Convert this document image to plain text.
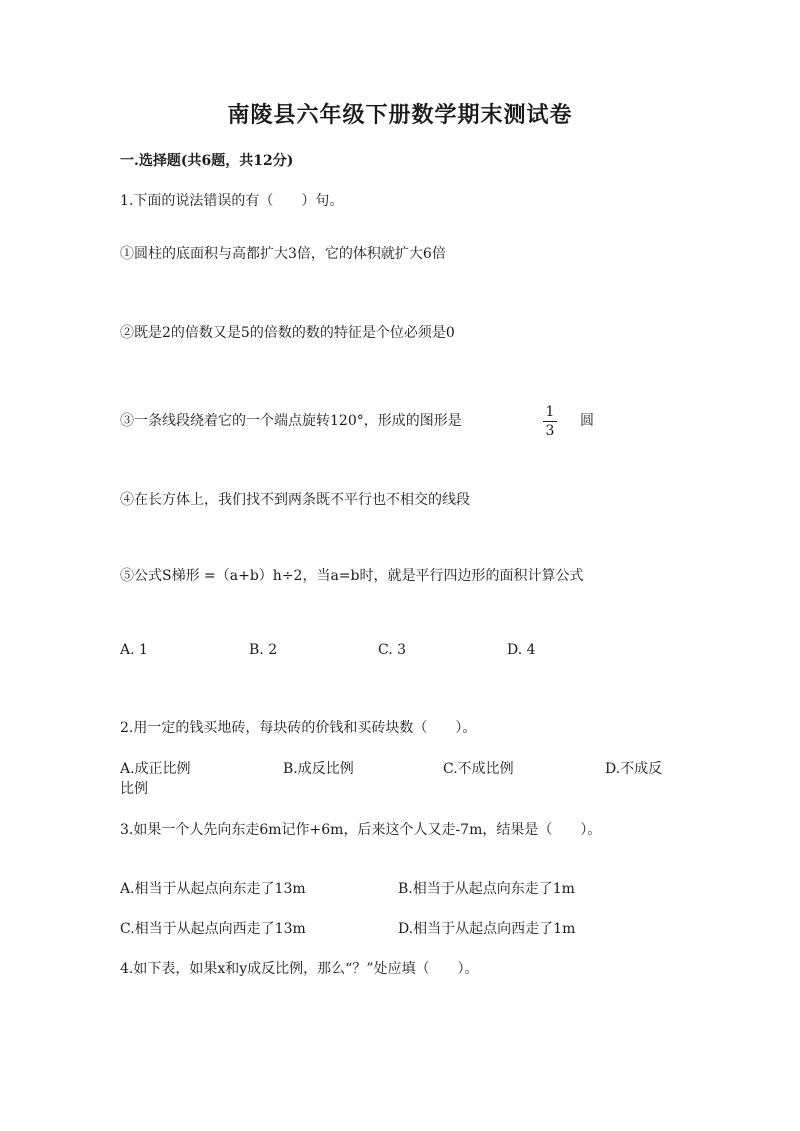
南陵县六年级下册数学期末测试卷
一.选择题(共6题，共12分)
1.下面的说法错误的有（　　）句。
①圆柱的底面积与高都扩大3倍，它的体积就扩大6倍
②既是2的倍数又是5的倍数的数的特征是个位必须是0
③一条线段绕着它的一个端点旋转120°，形成的图形是
1
3
圆
④在长方体上，我们找不到两条既不平行也不相交的线段
⑤公式S梯形 =（a+b）h÷2，当a=b时，就是平行四边形的面积计算公式
A. 1	B. 2	C. 3	D. 4
2.用一定的钱买地砖，每块砖的价钱和买砖块数（　　）。
A.成正比例	B.成反比例	C.不成比例	D.不成反
比例
3.如果一个人先向东走6m记作+6m，后来这个人又走-7m，结果是（　　）。
A.相当于从起点向东走了13m	B.相当于从起点向东走了1m
C.相当于从起点向西走了13m	D.相当于从起点向西走了1m
4.如下表，如果x和y成反比例，那么“？”处应填（　　）。
